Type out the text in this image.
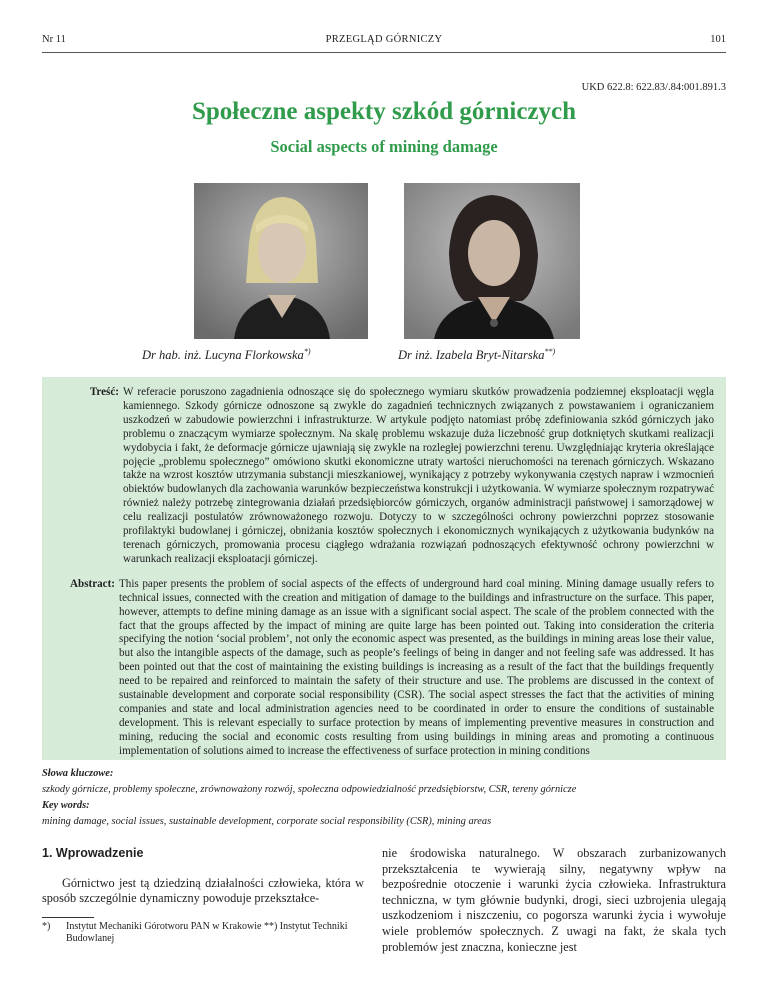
Nr 11	PRZEGLĄD GÓRNICZY	101
UKD 622.8: 622.83/.84:001.891.3
Społeczne aspekty szkód górniczych
Social aspects of mining damage
Dr hab. inż. Lucyna Florkowska*)	Dr inż. Izabela Bryt-Nitarska**)
Treść: W referacie poruszono zagadnienia odnoszące się do społecznego wymiaru skutków prowadzenia podziemnej eksploatacji węgla kamiennego. Szkody górnicze odnoszone są zwykle do zagadnień technicznych związanych z powstawaniem i ograniczaniem uszkodzeń w zabudowie powierzchni i infrastrukturze. W artykule podjęto natomiast próbę zdefiniowania szkód górniczych jako problemu o znaczącym wymiarze społecznym. Na skalę problemu wskazuje duża liczebność grup dotkniętych skutkami realizacji wydobycia i fakt, że deformacje górnicze ujawniają się zwykle na rozległej powierzchni terenu. Uwzględniając kryteria określające pojęcie „problemu społecznego” omówiono skutki ekonomiczne utraty wartości nieruchomości na terenach górniczych. Wskazano także na wzrost kosztów utrzymania substancji mieszkaniowej, wynikający z potrzeby wykonywania częstych napraw i wzmocnień obiektów budowlanych dla zachowania warunków bezpieczeństwa konstrukcji i użytkowania. W wymiarze społecznym rozpatrywać również należy potrzebę zintegrowania działań przedsiębiorców górniczych, organów administracji państwowej i samorządowej w celu realizacji postulatów zrównoważonego rozwoju. Dotyczy to w szczególności ochrony powierzchni poprzez stosowanie profilaktyki budowlanej i górniczej, obniżania kosztów społecznych i ekonomicznych wynikających z użytkowania budynków na terenach górniczych, promowania procesu ciągłego wdrażania rozwiązań podnoszących efektywność ochrony powierzchni w warunkach realizacji eksploatacji górniczej.
Abstract: This paper presents the problem of social aspects of the effects of underground hard coal mining. Mining damage usually refers to technical issues, connected with the creation and mitigation of damage to the buildings and infrastructure on the surface. This paper, however, attempts to define mining damage as an issue with a significant social aspect. The scale of the problem connected with the fact that the groups affected by the impact of mining are quite large has been pointed out. Taking into consideration the criteria specifying the notion ‘social problem’, not only the economic aspect was presented, as the buildings in mining areas lose their value, but also the intangible aspects of the damage, such as people’s feelings of being in danger and not feeling safe was addressed. It has been pointed out that the cost of maintaining the existing buildings is increasing as a result of the fact that the buildings frequently need to be repaired and reinforced to maintain the safety of their structure and use. The problems are discussed in the context of sustainable development and corporate social responsibility (CSR). The social aspect stresses the fact that the activities of mining companies and state and local administration agencies need to be coordinated in order to ensure the conditions of sustainable development. This is relevant especially to surface protection by means of implementing preventive measures in construction and mining, reducing the social and economic costs resulting from using buildings in mining areas and promoting a continuous implementation of solutions aimed to increase the effectiveness of surface protection in mining conditions
Słowa kluczowe:
szkody górnicze, problemy społeczne, zrównoważony rozwój, społeczna odpowiedzialność przedsiębiorstw, CSR, tereny górnicze
Key words:
mining damage, social issues, sustainable development, corporate social responsibility (CSR), mining areas
1. Wprowadzenie

Górnictwo jest tą dziedziną działalności człowieka, która w sposób szczególnie dynamiczny powoduje przekształce-

*)	Instytut Mechaniki Górotworu PAN w Krakowie **) Instytut Techniki Budowlanej

nie środowiska naturalnego. W obszarach zurbanizowanych przekształcenia te wywierają silny, negatywny wpływ na bezpośrednie otoczenie i warunki życia człowieka. Infrastruktura techniczna, w tym głównie budynki, drogi, sieci uzbrojenia ulegają uszkodzeniom i niszczeniu, co pogorsza warunki życia i wywołuje wiele problemów społecznych. Z uwagi na fakt, że skala tych problemów jest znaczna, konieczne jest
